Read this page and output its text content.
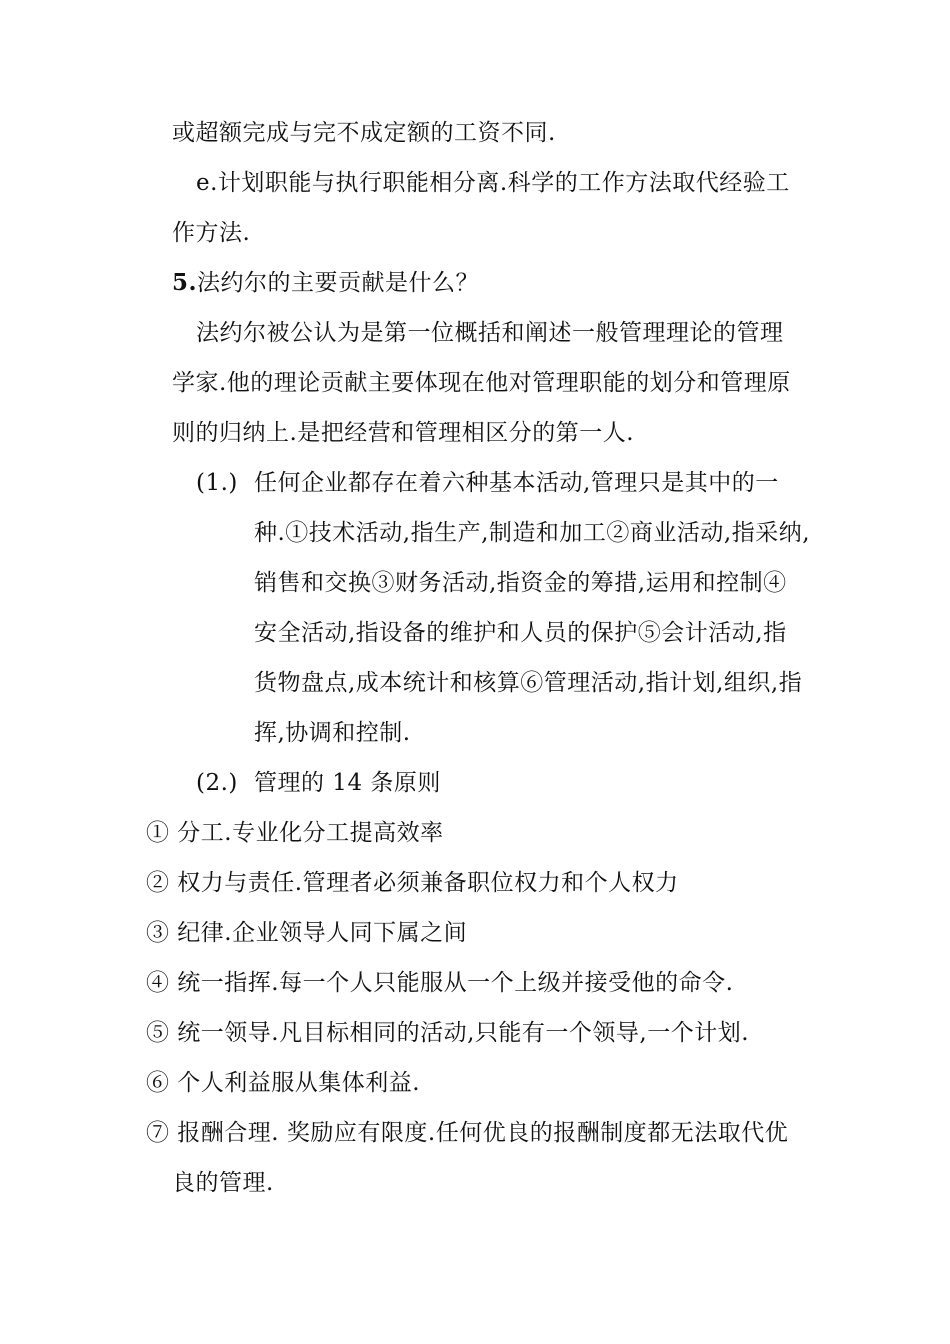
或超额完成与完不成定额的工资不同.
e.计划职能与执行职能相分离.科学的工作方法取代经验工
作方法.
5.法约尔的主要贡献是什么？
法约尔被公认为是第一位概括和阐述一般管理理论的管理
学家.他的理论贡献主要体现在他对管理职能的划分和管理原
则的归纳上.是把经营和管理相区分的第一人.
(1.) 任何企业都存在着六种基本活动,管理只是其中的一
种.①技术活动,指生产,制造和加工②商业活动,指采纳,
销售和交换③财务活动,指资金的筹措,运用和控制④
安全活动,指设备的维护和人员的保护⑤会计活动,指
货物盘点,成本统计和核算⑥管理活动,指计划,组织,指
挥,协调和控制.
(2.) 管理的 14 条原则
① 分工.专业化分工提高效率
② 权力与责任.管理者必须兼备职位权力和个人权力
③ 纪律.企业领导人同下属之间
④ 统一指挥.每一个人只能服从一个上级并接受他的命令.
⑤ 统一领导.凡目标相同的活动,只能有一个领导,一个计划.
⑥ 个人利益服从集体利益.
⑦ 报酬合理. 奖励应有限度.任何优良的报酬制度都无法取代优
良的管理.
